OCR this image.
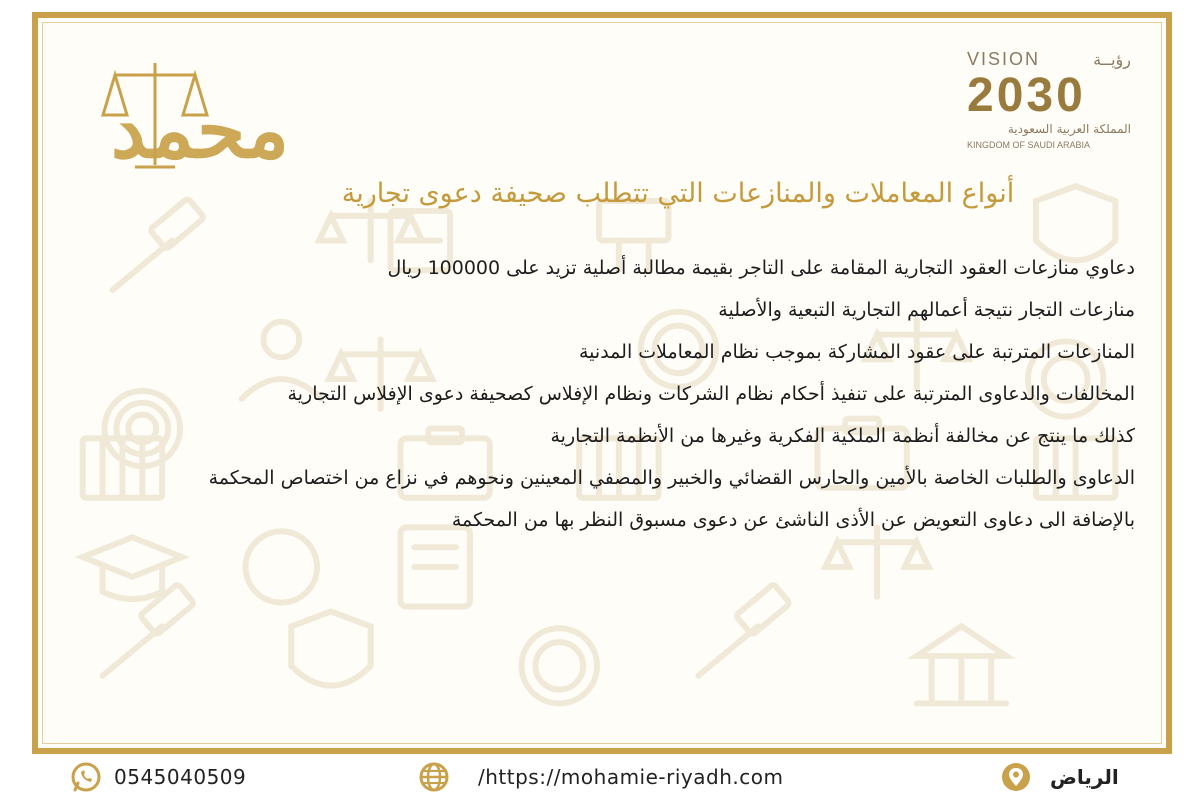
محمد
VISION	رؤيــة
2030
المملكة العربية السعودية
KINGDOM OF SAUDI ARABIA
أنواع المعاملات والمنازعات التي تتطلب صحيفة دعوى تجارية
دعاوي منازعات العقود التجارية المقامة على التاجر بقيمة مطالبة أصلية تزيد على 100000 ريال
منازعات التجار نتيجة أعمالهم التجارية التبعية والأصلية
المنازعات المترتبة على عقود المشاركة بموجب نظام المعاملات المدنية
المخالفات والدعاوى المترتبة على تنفيذ أحكام نظام الشركات ونظام الإفلاس كصحيفة دعوى الإفلاس التجارية
كذلك ما ينتج عن مخالفة أنظمة الملكية الفكرية وغيرها من الأنظمة التجارية
الدعاوى والطلبات الخاصة بالأمين والحارس القضائي والخبير والمصفي المعينين ونحوهم في نزاع من اختصاص المحكمة
بالإضافة الى دعاوى التعويض عن الأذى الناشئ عن دعوى مسبوق النظر بها من المحكمة
0545040509	/https://mohamie-riyadh.com	الرياض
